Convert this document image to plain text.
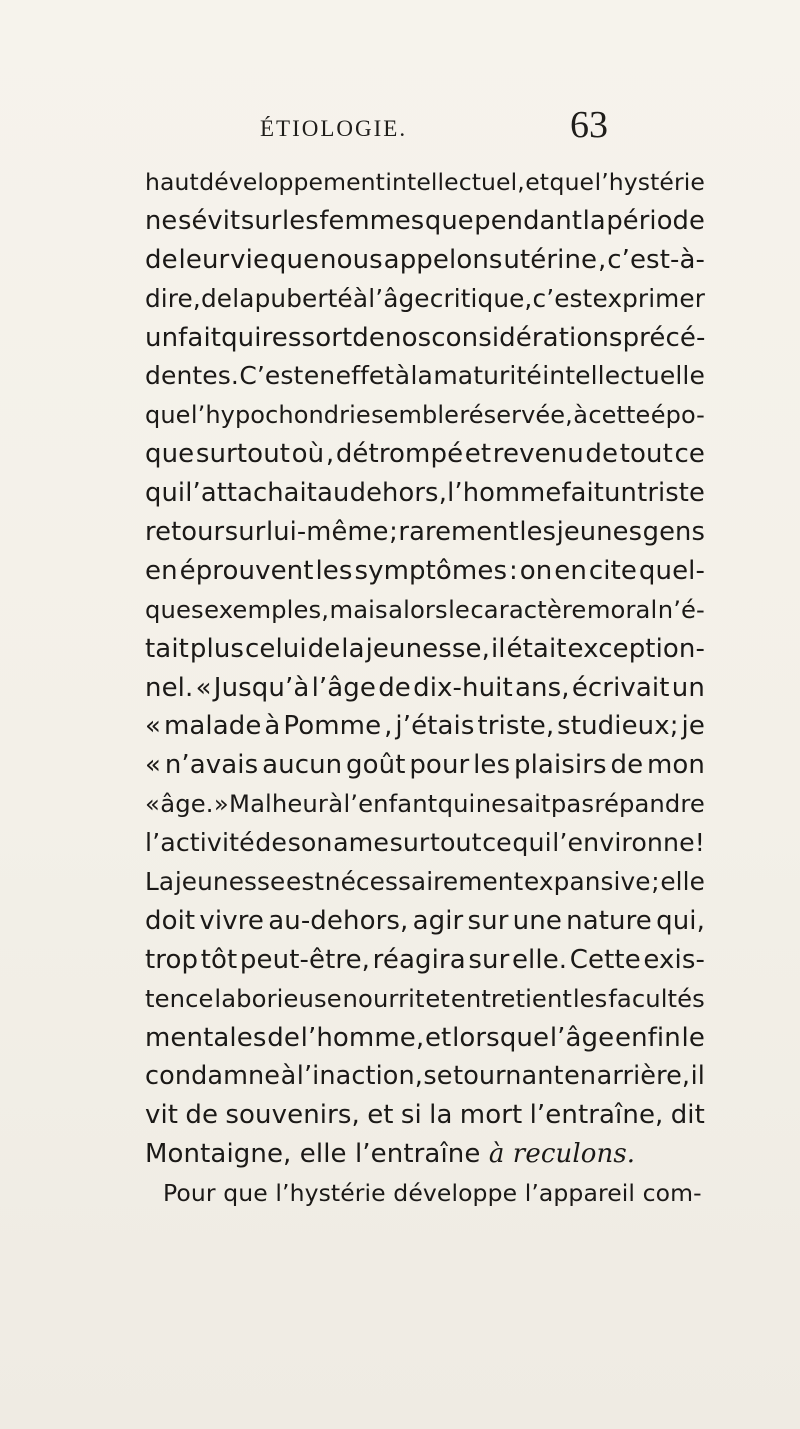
ÉTIOLOGIE.	63
haut développement intellectuel, et que l’hystérie
ne sévit sur les femmes que pendant la période
de leur vie que nous appelons utérine , c’est-à-
dire, de la puberté à l’âge critique, c’est exprimer
un fait qui ressort de nos considérations précé-
dentes. C’est en effet à la maturité intellectuelle
que l’hypochondrie semble réservée, à cette épo-
que surtout où , détrompé et revenu de tout ce
qui l’attachait au dehors , l’homme fait un triste
retour sur lui-même ; rarement les jeunes gens
en éprouvent les symptômes : on en cite quel-
ques exemples, mais alors le caractère moral n’é-
tait plus celui de la jeunesse, il était exception-
nel. « Jusqu’à l’âge de dix-huit ans, écrivait un
« malade à Pomme , j’étais triste, studieux; je
« n’avais aucun goût pour les plaisirs de mon
« âge. » Malheur à l’enfant qui ne sait pas répandre
l’activité de son ame sur tout ce qui l’environne!
La jeunesse est nécessairement expansive ; elle
doit vivre au-dehors, agir sur une nature qui,
trop tôt peut-être, réagira sur elle. Cette exis-
tence laborieuse nourrit et entretient les facultés
mentales de l’homme, et lorsque l’âge enfin le
condamne à l’inaction, se tournant en arrière, il
vit de souvenirs, et si la mort l’entraîne, dit
Montaigne, elle l’entraîne à reculons.
Pour que l’hystérie développe l’appareil com-
